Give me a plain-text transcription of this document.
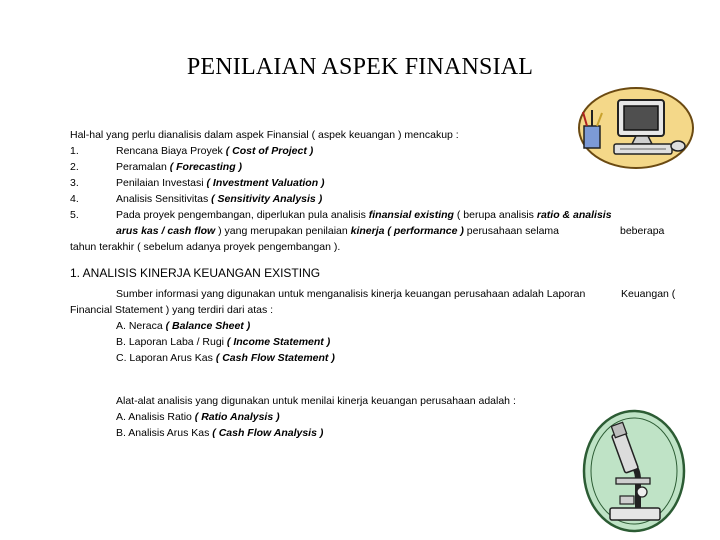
PENILAIAN ASPEK FINANSIAL
Hal-hal yang perlu dianalisis dalam aspek Finansial ( aspek keuangan ) mencakup :
1.	Rencana Biaya Proyek ( Cost of Project )
2.	Peramalan ( Forecasting )
3.	Penilaian Investasi ( Investment Valuation )
4.	Analisis Sensitivitas ( Sensitivity Analysis )
5.	Pada proyek pengembangan, diperlukan pula analisis finansial existing ( berupa analisis ratio & analisis
arus kas / cash flow ) yang merupakan penilaian kinerja ( performance ) perusahaan selama	beberapa
tahun terakhir ( sebelum adanya proyek pengembangan ).
1. ANALISIS KINERJA KEUANGAN EXISTING
Sumber informasi yang digunakan untuk menganalisis kinerja keuangan perusahaan adalah Laporan	Keuangan (
Financial Statement ) yang terdiri dari atas :
A. Neraca ( Balance Sheet )
B. Laporan Laba / Rugi ( Income Statement )
C. Laporan Arus Kas ( Cash Flow Statement )
Alat-alat analisis yang digunakan untuk menilai kinerja keuangan perusahaan adalah :
A. Analisis Ratio ( Ratio Analysis )
B. Analisis Arus Kas ( Cash Flow Analysis )
